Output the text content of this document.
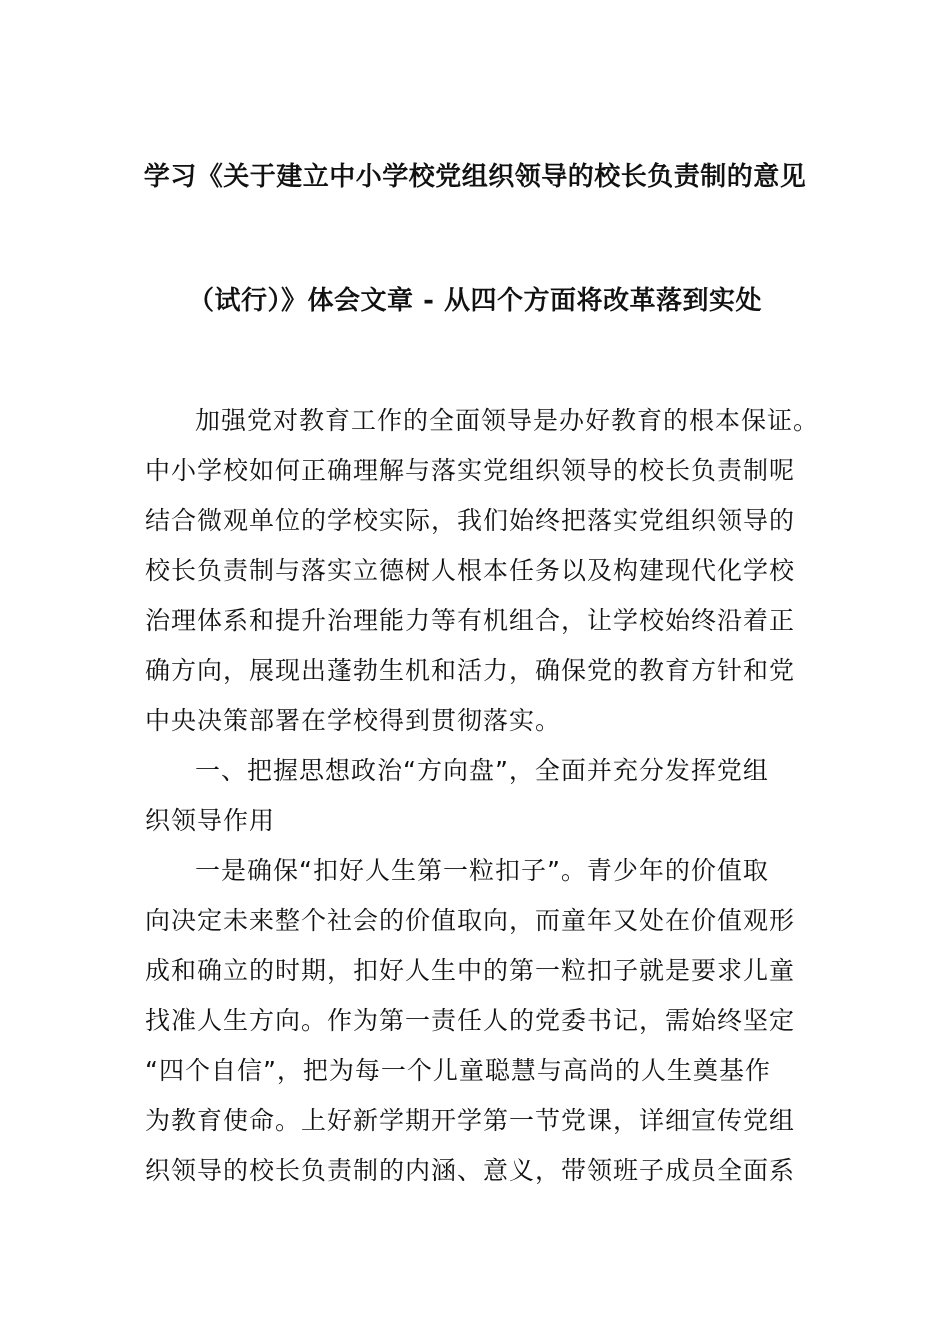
学习《关于建立中小学校党组织领导的校长负责制的意见
（试行）》体会文章 - 从四个方面将改革落到实处
加强党对教育工作的全面领导是办好教育的根本保证。
中小学校如何正确理解与落实党组织领导的校长负责制呢
结合微观单位的学校实际，我们始终把落实党组织领导的
校长负责制与落实立德树人根本任务以及构建现代化学校
治理体系和提升治理能力等有机组合，让学校始终沿着正
确方向，展现出蓬勃生机和活力，确保党的教育方针和党
中央决策部署在学校得到贯彻落实。
一、把握思想政治“方向盘”，全面并充分发挥党组
织领导作用
一是确保“扣好人生第一粒扣子”。青少年的价值取
向决定未来整个社会的价值取向，而童年又处在价值观形
成和确立的时期，扣好人生中的第一粒扣子就是要求儿童
找准人生方向。作为第一责任人的党委书记，需始终坚定
“四个自信”，把为每一个儿童聪慧与高尚的人生奠基作
为教育使命。上好新学期开学第一节党课，详细宣传党组
织领导的校长负责制的内涵、意义，带领班子成员全面系
